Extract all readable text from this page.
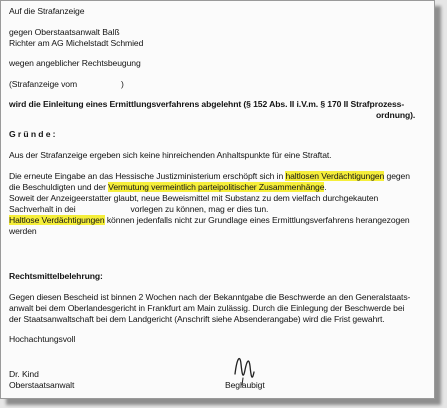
Auf die Strafanzeige
gegen Oberstaatsanwalt Balß
Richter am AG Michelstadt Schmied
wegen angeblicher Rechtsbeugung
(Strafanzeige vom	)
wird die Einleitung eines Ermittlungsverfahrens abgelehnt (§ 152 Abs. II i.V.m. § 170 II Strafprozess-
ordnung).
G r ü n d e :
Aus der Strafanzeige ergeben sich keine hinreichenden Anhaltspunkte für eine Straftat.
Die erneute Eingabe an das Hessische Justizministerium erschöpft sich in haltlosen Verdächtigungen gegen
die Beschuldigten und der Vermutung vermeintlich parteipolitischer Zusammenhänge.
Soweit der Anzeigeerstatter glaubt, neue Beweismittel mit Substanz zu dem vielfach durchgekauten
Sachverhalt in dei	vorlegen zu können, mag er dies tun.
Haltlose Verdächtigungen können jedenfalls nicht zur Grundlage eines Ermittlungsverfahrens herangezogen
werden
Rechtsmittelbelehrung:
Gegen diesen Bescheid ist binnen 2 Wochen nach der Bekanntgabe die Beschwerde an den Generalstaats-
anwalt bei dem Oberlandesgericht in Frankfurt am Main zulässig. Durch die Einlegung der Beschwerde bei
der Staatsanwaltschaft bei dem Landgericht (Anschrift siehe Absenderangabe) wird die Frist gewahrt.
Hochachtungsvoll
Dr. Kind
Oberstaatsanwalt	Beglaubigt
